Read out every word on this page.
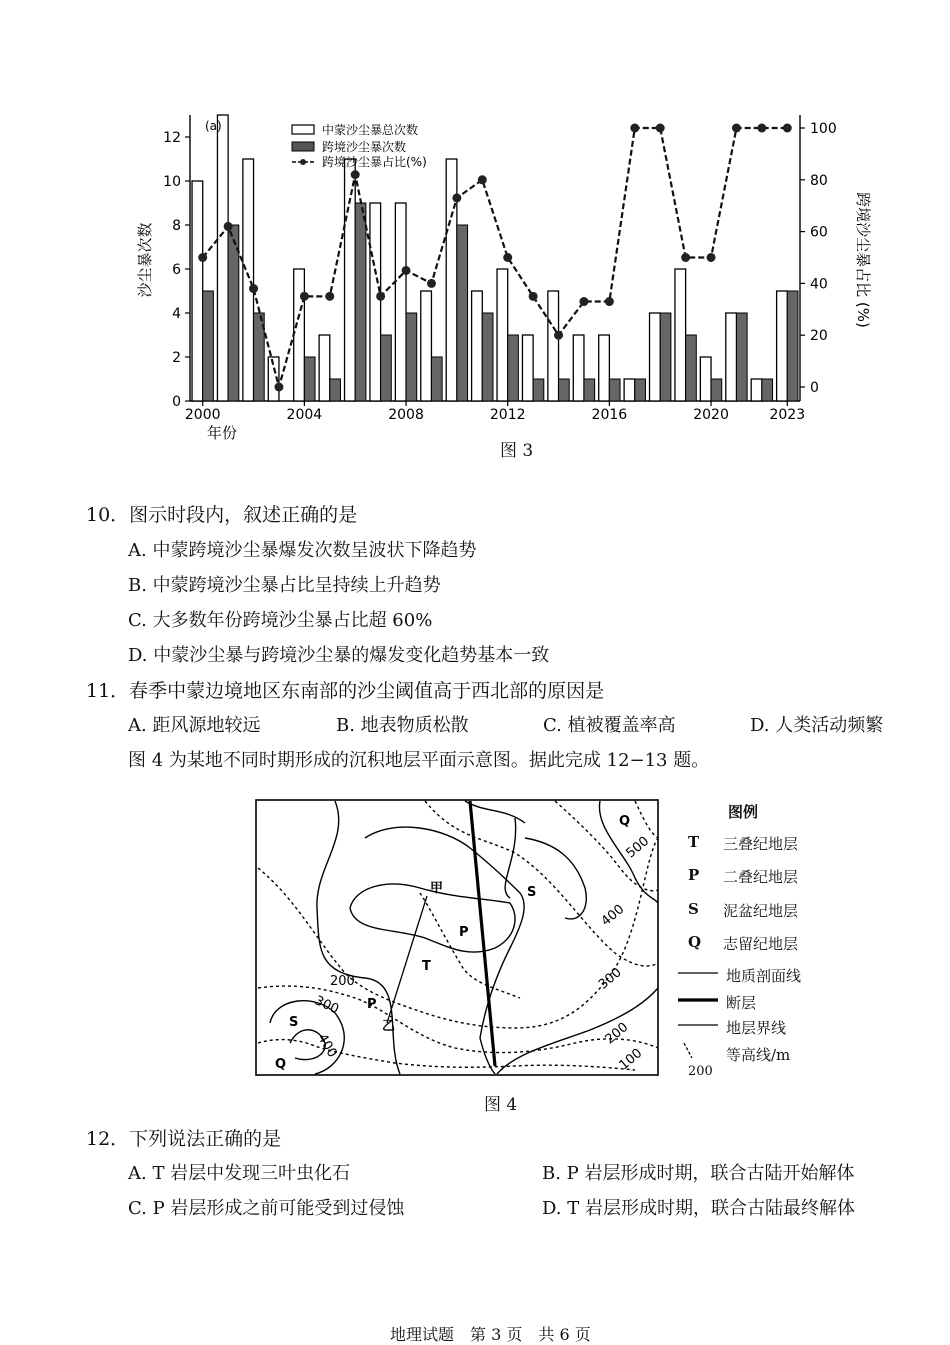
0
2
4
6
8
10
12
0
20
40
60
80
100
2000	2004	2008	2012	2016	2020	2023
(a)	中蒙沙尘暴总次数
跨境沙尘暴次数
跨境沙尘暴占比(%)
沙尘暴次数	跨境沙尘暴占比 (%)
年份
图 3
10．图示时段内，叙述正确的是
A. 中蒙跨境沙尘暴爆发次数呈波状下降趋势
B. 中蒙跨境沙尘暴占比呈持续上升趋势
C. 大多数年份跨境沙尘暴占比超 60%
D. 中蒙沙尘暴与跨境沙尘暴的爆发变化趋势基本一致
11．春季中蒙边境地区东南部的沙尘阈值高于西北部的原因是
A. 距风源地较远	B. 地表物质松散	C. 植被覆盖率高	D. 人类活动频繁
图 4 为某地不同时期形成的沉积地层平面示意图。据此完成 12−13 题。
甲
乙
T
P
P
S
S
Q
Q
500
400
300
200
100
200
300
400
图例
T 三叠纪地层
P 二叠纪地层
S 泥盆纪地层
Q 志留纪地层
地质剖面线
断层
地层界线
等高线/m
200
图 4
12．下列说法正确的是
A. T 岩层中发现三叶虫化石	B. P 岩层形成时期，联合古陆开始解体
C. P 岩层形成之前可能受到过侵蚀	D. T 岩层形成时期，联合古陆最终解体
地理试题　第 3 页　共 6 页
